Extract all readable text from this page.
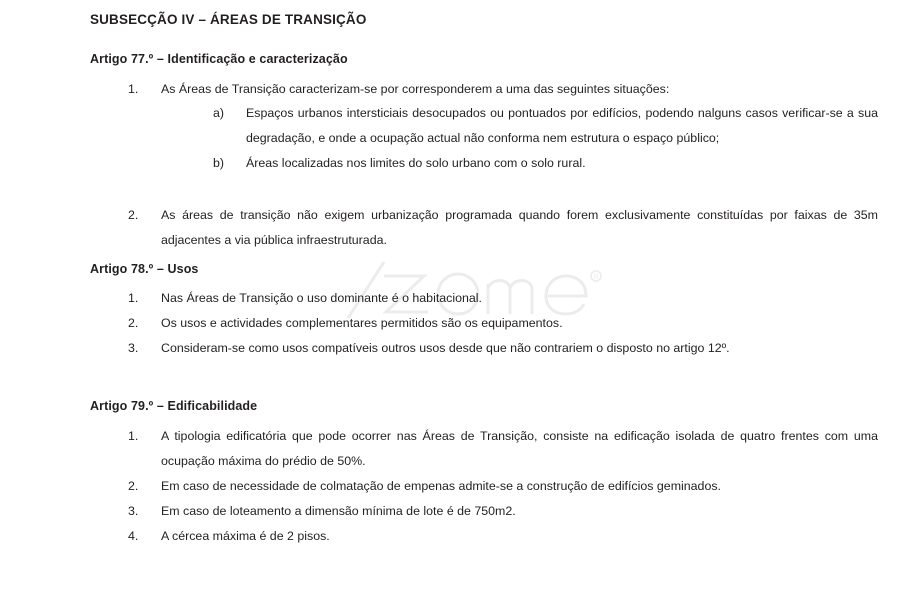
R
SUBSECÇÃO IV – ÁREAS DE TRANSIÇÃO
Artigo 77.º – Identificação e caracterização

1.	As Áreas de Transição caracterizam-se por corresponderem a uma das seguintes situações:

a)	Espaços urbanos intersticiais desocupados ou pontuados por edifícios, podendo nalguns casos verificar-se a sua degradação, e onde a ocupação actual não conforma nem estrutura o espaço público;

b)	Áreas localizadas nos limites do solo urbano com o solo rural.

2.	As áreas de transição não exigem urbanização programada quando forem exclusivamente constituídas por faixas de 35m adjacentes a via pública infraestruturada.

Artigo 78.º – Usos

1.	Nas Áreas de Transição o uso dominante é o habitacional.

2.	Os usos e actividades complementares permitidos são os equipamentos.

3.	Consideram-se como usos compatíveis outros usos desde que não contrariem o disposto no artigo 12º.

Artigo 79.º – Edificabilidade

1.	A tipologia edificatória que pode ocorrer nas Áreas de Transição, consiste na edificação isolada de quatro frentes com uma ocupação máxima do prédio de 50%.

2.	Em caso de necessidade de colmatação de empenas admite-se a construção de edifícios geminados.

3.	Em caso de loteamento a dimensão mínima de lote é de 750m2.

4.	A cércea máxima é de 2 pisos.
